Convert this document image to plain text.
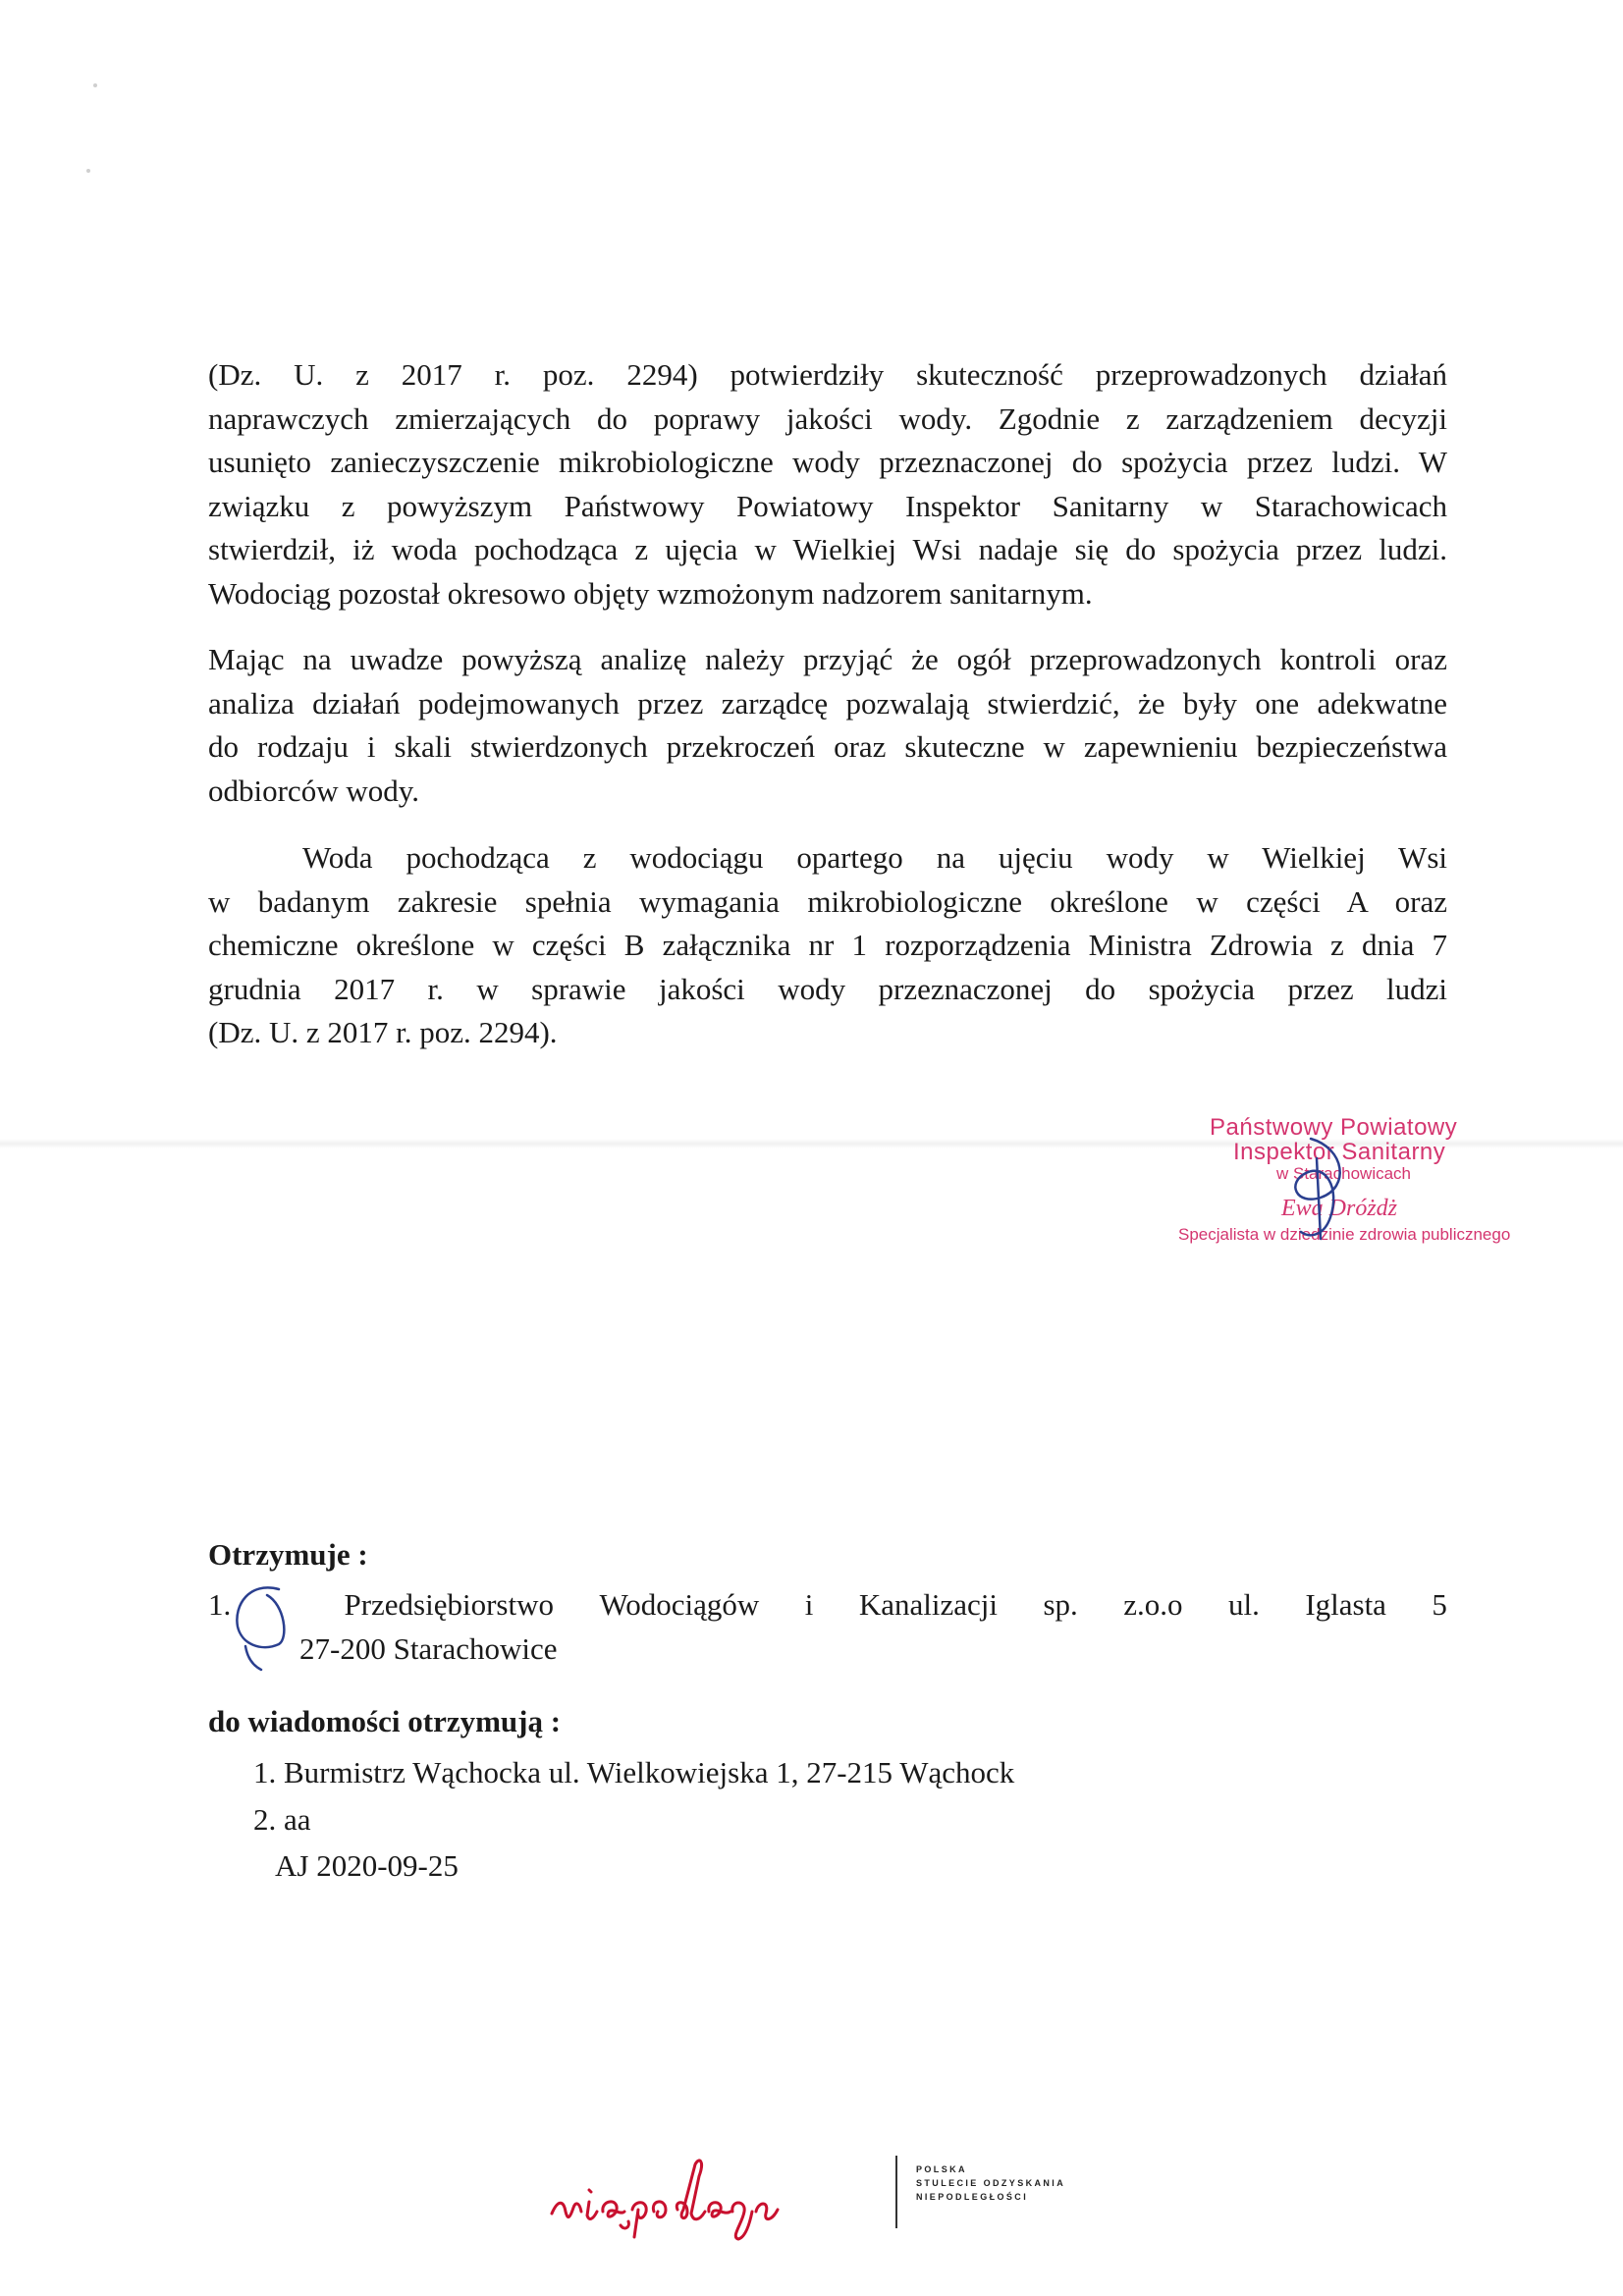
(Dz. U. z 2017 r. poz. 2294) potwierdziły skuteczność przeprowadzonych działań
naprawczych zmierzających do poprawy jakości wody. Zgodnie z zarządzeniem decyzji
usunięto zanieczyszczenie mikrobiologiczne wody przeznaczonej do spożycia przez ludzi. W
związku z powyższym Państwowy Powiatowy Inspektor Sanitarny w Starachowicach
stwierdził, iż woda pochodząca z ujęcia w Wielkiej Wsi nadaje się do spożycia przez ludzi.
Wodociąg pozostał okresowo objęty wzmożonym nadzorem sanitarnym.
Mając na uwadze powyższą analizę należy przyjąć że ogół przeprowadzonych kontroli oraz
analiza działań podejmowanych przez zarządcę pozwalają stwierdzić, że były one adekwatne
do rodzaju i skali stwierdzonych przekroczeń oraz skuteczne w zapewnieniu bezpieczeństwa
odbiorców wody.
Woda pochodząca z wodociągu opartego na ujęciu wody w Wielkiej Wsi
w badanym zakresie spełnia wymagania mikrobiologiczne określone w części A oraz
chemiczne określone w części B załącznika nr 1 rozporządzenia Ministra Zdrowia z dnia 7
grudnia 2017 r. w sprawie jakości wody przeznaczonej do spożycia przez ludzi
(Dz. U. z 2017 r. poz. 2294).
Państwowy Powiatowy
Inspektor Sanitarny
w Starachowicach
Ewa Dróżdż
Specjalista w dziedzinie zdrowia publicznego
Otrzymuje :
1.	Przedsiębiorstwo Wodociągów i Kanalizacji sp. z.o.o ul. Iglasta 5
27-200 Starachowice
do wiadomości otrzymują :
1. Burmistrz Wąchocka ul. Wielkowiejska 1, 27-215 Wąchock
2. aa
AJ 2020-09-25
POLSKA
STULECIE ODZYSKANIA
NIEPODLEGŁOŚCI
